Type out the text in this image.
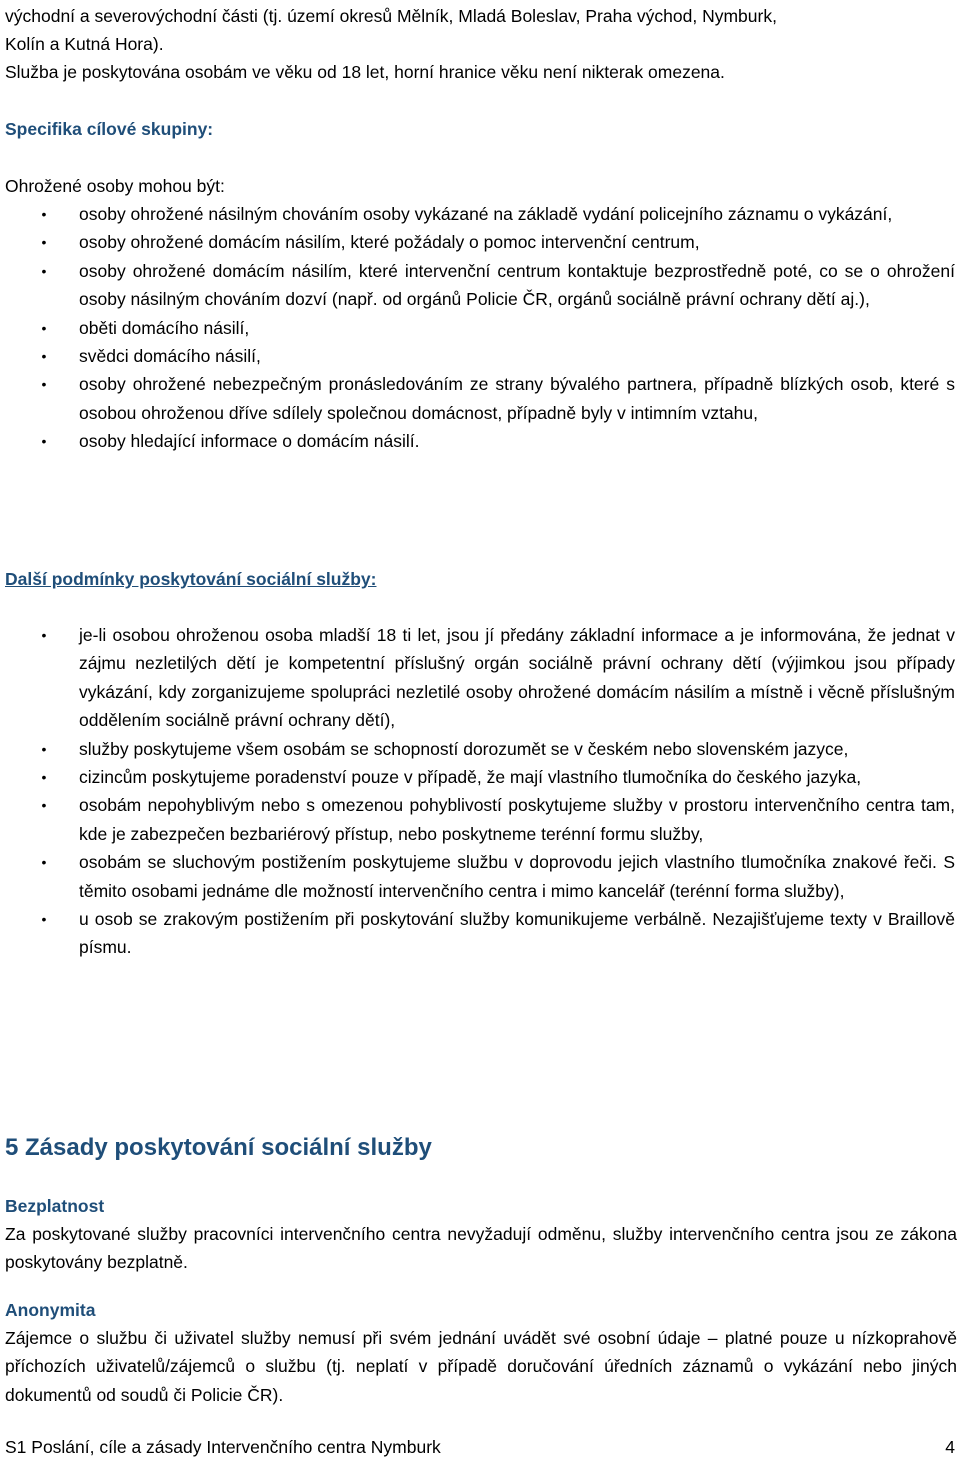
východní a severovýchodní části (tj. území okresů Mělník, Mladá Boleslav, Praha východ, Nymburk,

Kolín a Kutná Hora).

Služba je poskytována osobám ve věku od 18 let, horní hranice věku není nikterak omezena.

Specifika cílové skupiny:

Ohrožené osoby mohou být:

• osoby ohrožené násilným chováním osoby vykázané na základě vydání policejního záznamu o vykázání,

• osoby ohrožené domácím násilím, které požádaly o pomoc intervenční centrum,

• osoby ohrožené domácím násilím, které intervenční centrum kontaktuje bezprostředně poté, co se o ohrožení osoby násilným chováním dozví (např. od orgánů Policie ČR, orgánů sociálně právní ochrany dětí aj.),

• oběti domácího násilí,

• svědci domácího násilí,

• osoby ohrožené nebezpečným pronásledováním ze strany bývalého partnera, případně blízkých osob, které s osobou ohroženou dříve sdílely společnou domácnost, případně byly v intimním vztahu,

• osoby hledající informace o domácím násilí.

Další podmínky poskytování sociální služby:

• je-li osobou ohroženou osoba mladší 18 ti let, jsou jí předány základní informace a je informována, že jednat v zájmu nezletilých dětí je kompetentní příslušný orgán sociálně právní ochrany dětí (výjimkou jsou případy vykázání, kdy zorganizujeme spolupráci nezletilé osoby ohrožené domácím násilím a místně i věcně příslušným oddělením sociálně právní ochrany dětí),

• služby poskytujeme všem osobám se schopností dorozumět se v českém nebo slovenském jazyce,

• cizincům poskytujeme poradenství pouze v případě, že mají vlastního tlumočníka do českého jazyka,

• osobám nepohyblivým nebo s omezenou pohyblivostí poskytujeme služby v prostoru intervenčního centra tam, kde je zabezpečen bezbariérový přístup, nebo poskytneme terénní formu služby,

• osobám se sluchovým postižením poskytujeme službu v doprovodu jejich vlastního tlumočníka znakové řeči. S těmito osobami jednáme dle možností intervenčního centra i mimo kancelář (terénní forma služby),

• u osob se zrakovým postižením při poskytování služby komunikujeme verbálně. Nezajišťujeme texty v Braillově písmu.

5 Zásady poskytování sociální služby

Bezplatnost

Za poskytované služby pracovníci intervenčního centra nevyžadují odměnu, služby intervenčního centra jsou ze zákona poskytovány bezplatně.

Anonymita

Zájemce o službu či uživatel služby nemusí při svém jednání uvádět své osobní údaje – platné pouze u nízkoprahově příchozích uživatelů/zájemců o službu (tj. neplatí v případě doručování úředních záznamů o vykázání nebo jiných dokumentů od soudů či Policie ČR).

S1 Poslání, cíle a zásady Intervenčního centra Nymburk	4
